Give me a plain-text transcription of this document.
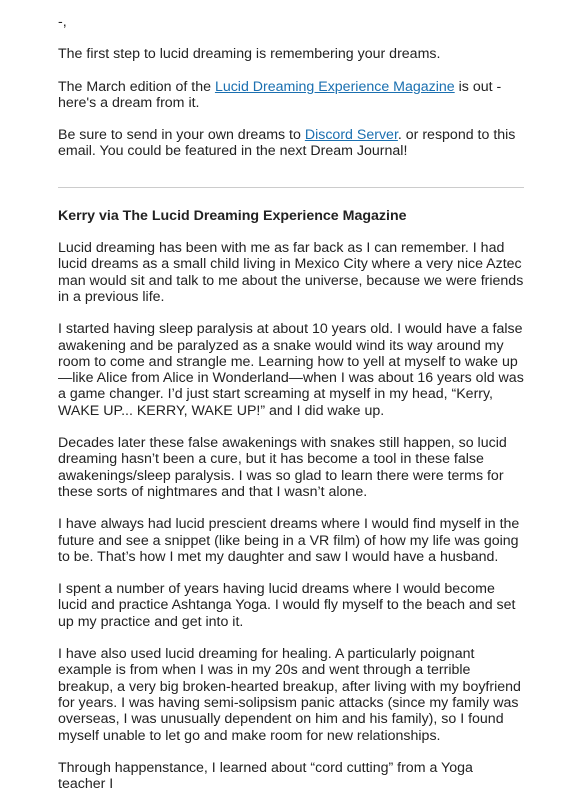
-,

The first step to lucid dreaming is remembering your dreams.

The March edition of the Lucid Dreaming Experience Magazine is out - here's a dream from it.

Be sure to send in your own dreams to Discord Server. or respond to this email. You could be featured in the next Dream Journal!

Kerry via The Lucid Dreaming Experience Magazine

Lucid dreaming has been with me as far back as I can remember. I had lucid dreams as a small child living in Mexico City where a very nice Aztec man would sit and talk to me about the universe, because we were friends in a previous life.

I started having sleep paralysis at about 10 years old. I would have a false awakening and be paralyzed as a snake would wind its way around my room to come and strangle me. Learning how to yell at myself to wake up—like Alice from Alice in Wonderland—when I was about 16 years old was a game changer. I’d just start screaming at myself in my head, “Kerry, WAKE UP... KERRY, WAKE UP!” and I did wake up.

Decades later these false awakenings with snakes still happen, so lucid dreaming hasn’t been a cure, but it has become a tool in these false awakenings/sleep paralysis. I was so glad to learn there were terms for these sorts of nightmares and that I wasn’t alone.

I have always had lucid prescient dreams where I would find myself in the future and see a snippet (like being in a VR film) of how my life was going to be. That’s how I met my daughter and saw I would have a husband.

I spent a number of years having lucid dreams where I would become lucid and practice Ashtanga Yoga. I would fly myself to the beach and set up my practice and get into it.

I have also used lucid dreaming for healing. A particularly poignant example is from when I was in my 20s and went through a terrible breakup, a very big broken-hearted breakup, after living with my boyfriend for years. I was having semi-solipsism panic attacks (since my family was overseas, I was unusually dependent on him and his family), so I found myself unable to let go and make room for new relationships.

Through happenstance, I learned about “cord cutting” from a Yoga teacher I
